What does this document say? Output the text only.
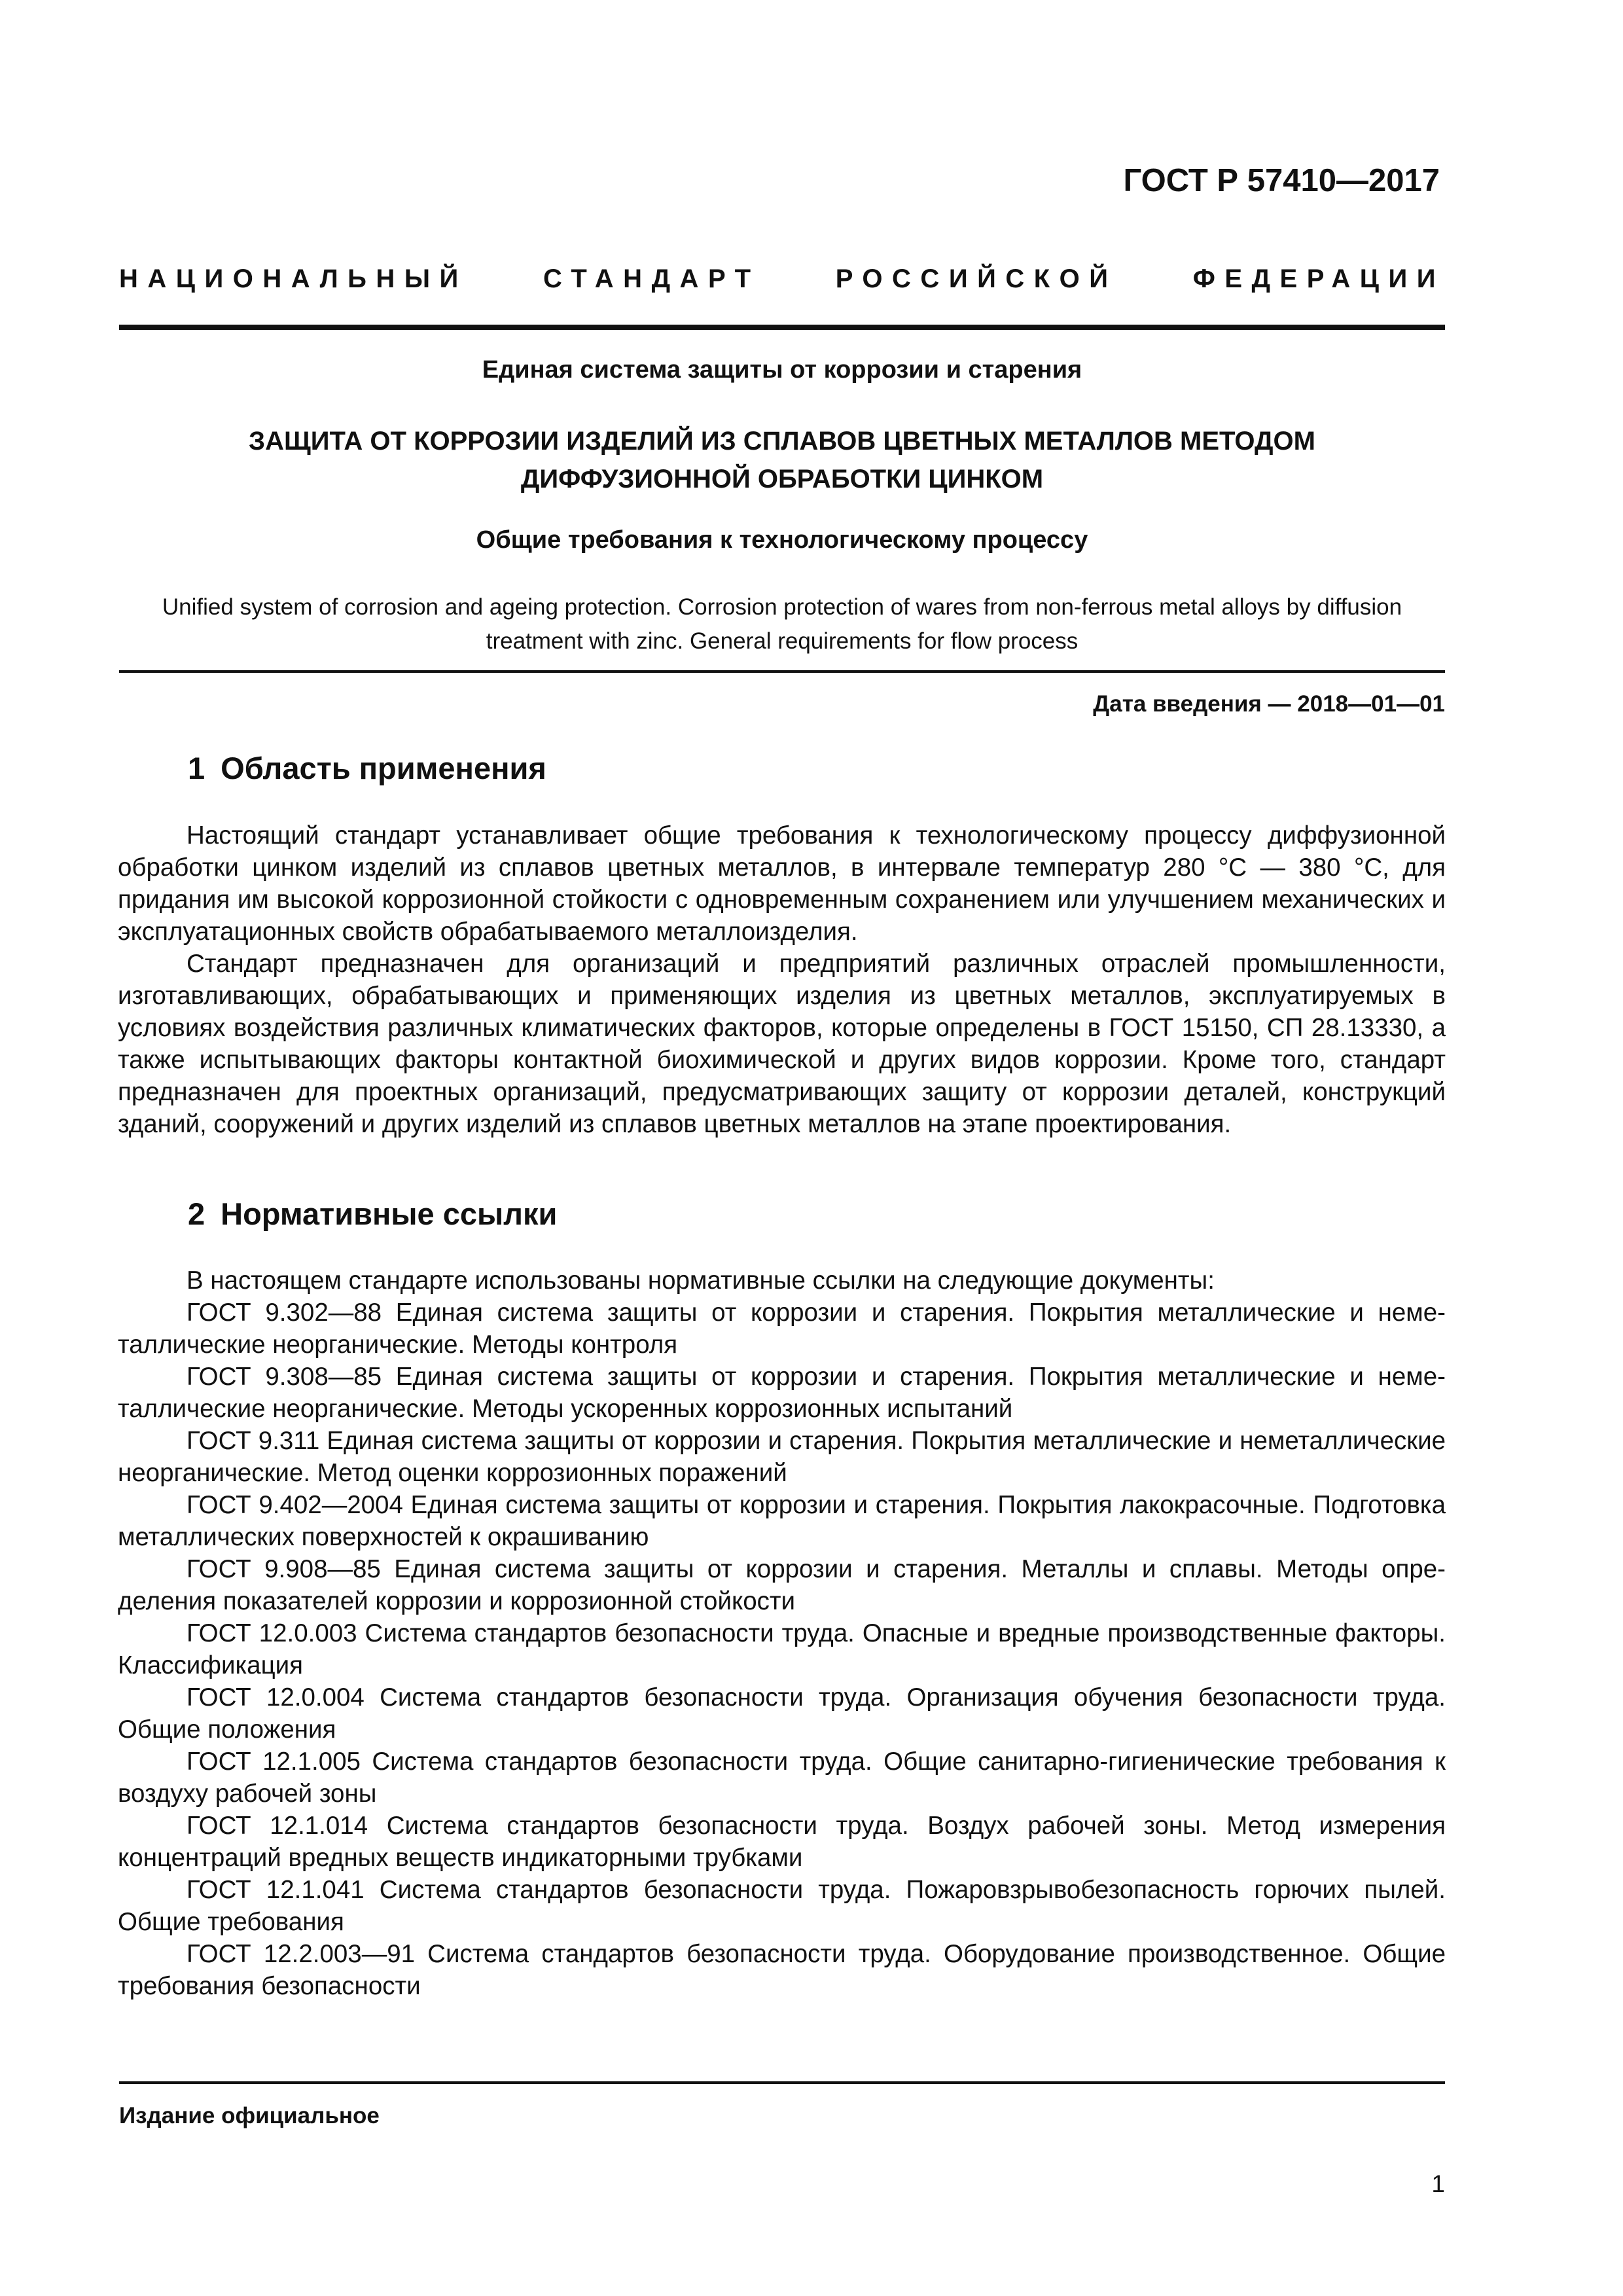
ГОСТ Р 57410—2017
НАЦИОНАЛЬНЫЙ	СТАНДАРТ	РОССИЙСКОЙ	ФЕДЕРАЦИИ
Единая система защиты от коррозии и старения
ЗАЩИТА ОТ КОРРОЗИИ ИЗДЕЛИЙ ИЗ СПЛАВОВ ЦВЕТНЫХ МЕТАЛЛОВ МЕТОДОМ
ДИФФУЗИОННОЙ ОБРАБОТКИ ЦИНКОМ
Общие требования к технологическому процессу
Unified system of corrosion and ageing protection. Corrosion protection of wares from non-ferrous metal alloys by diffusion treatment with zinc. General requirements for flow process
Дата введения — 2018—01—01
1 Область применения

Настоящий стандарт устанавливает общие требования к технологическому процессу диффузионной обработки цинком изделий из сплавов цветных металлов, в интервале температур 280 °С — 380 °С, для придания им высокой коррозионной стойкости с одновременным сохранением или улучшением механических и эксплуатационных свойств обрабатываемого металлоизделия.

Стандарт предназначен для организаций и предприятий различных отраслей промышленности, изготавливающих, обрабатывающих и применяющих изделия из цветных металлов, эксплуатируемых в условиях воздействия различных климатических факторов, которые определены в ГОСТ 15150, СП 28.13330, а также испытывающих факторы контактной биохимической и других видов коррозии. Кроме того, стандарт предназначен для проектных организаций, предусматривающих защиту от коррозии деталей, конструкций зданий, сооружений и других изделий из сплавов цветных металлов на этапе проектирования.

2 Нормативные ссылки

В настоящем стандарте использованы нормативные ссылки на следующие документы:

ГОСТ 9.302—88 Единая система защиты от коррозии и старения. Покрытия металлические и неметаллические неорганические. Методы контроля

ГОСТ 9.308—85 Единая система защиты от коррозии и старения. Покрытия металлические и неметаллические неорганические. Методы ускоренных коррозионных испытаний

ГОСТ 9.311 Единая система защиты от коррозии и старения. Покрытия металлические и неметаллические неорганические. Метод оценки коррозионных поражений

ГОСТ 9.402—2004 Единая система защиты от коррозии и старения. Покрытия лакокрасочные. Подготовка металлических поверхностей к окрашиванию

ГОСТ 9.908—85 Единая система защиты от коррозии и старения. Металлы и сплавы. Методы определения показателей коррозии и коррозионной стойкости

ГОСТ 12.0.003 Система стандартов безопасности труда. Опасные и вредные производственные факторы. Классификация

ГОСТ 12.0.004 Система стандартов безопасности труда. Организация обучения безопасности труда. Общие положения

ГОСТ 12.1.005 Система стандартов безопасности труда. Общие санитарно-гигиенические требования к воздуху рабочей зоны

ГОСТ 12.1.014 Система стандартов безопасности труда. Воздух рабочей зоны. Метод измерения концентраций вредных веществ индикаторными трубками

ГОСТ 12.1.041 Система стандартов безопасности труда. Пожаровзрывобезопасность горючих пылей. Общие требования

ГОСТ 12.2.003—91 Система стандартов безопасности труда. Оборудование производственное. Общие требования безопасности

Издание официальное
1
